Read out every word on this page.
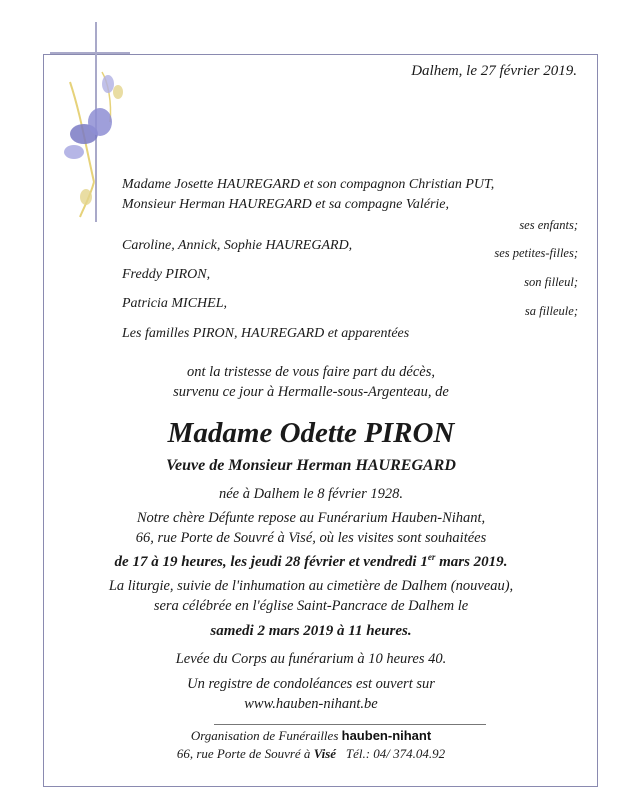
Dalhem, le 27 février 2019.
Madame Josette HAUREGARD et son compagnon Christian PUT,
Monsieur Herman HAUREGARD et sa compagne Valérie,
ses enfants;
Caroline, Annick, Sophie HAUREGARD,	ses petites-filles;
Freddy PIRON,	son filleul;
Patricia MICHEL,	sa filleule;
Les familles PIRON, HAUREGARD et apparentées
ont la tristesse de vous faire part du décès,
survenu ce jour à Hermalle-sous-Argenteau, de
Madame Odette PIRON
Veuve de Monsieur Herman HAUREGARD
née à Dalhem le 8 février 1928.
Notre chère Défunte repose au Funérarium Hauben-Nihant,
66, rue Porte de Souvré à Visé, où les visites sont souhaitées
de 17 à 19 heures, les jeudi 28 février et vendredi 1er mars 2019.
La liturgie, suivie de l'inhumation au cimetière de Dalhem (nouveau),
sera célébrée en l'église Saint-Pancrace de Dalhem le
samedi 2 mars 2019 à 11 heures.
Levée du Corps au funérarium à 10 heures 40.
Un registre de condoléances est ouvert sur
www.hauben-nihant.be
Organisation de Funérailles hauben-nihant
66, rue Porte de Souvré à Visé Tél.: 04/ 374.04.92
